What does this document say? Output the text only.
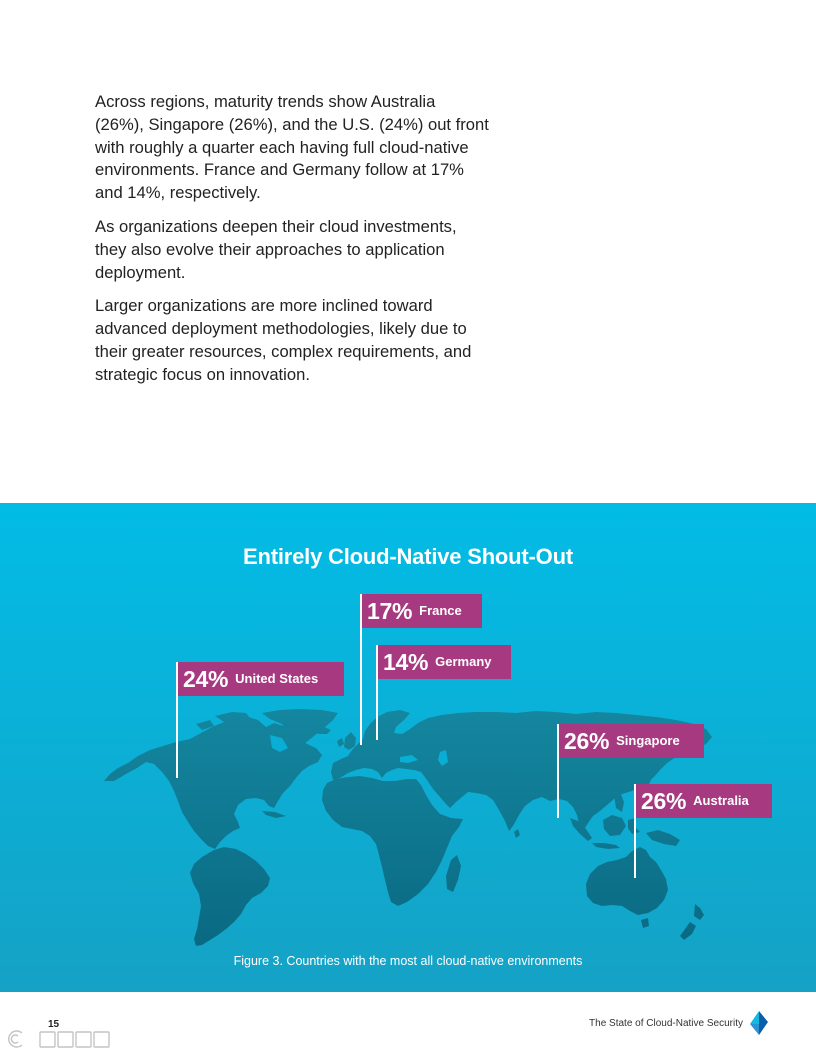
Across regions, maturity trends show Australia
(26%), Singapore (26%), and the U.S. (24%) out front
with roughly a quarter each having full cloud-native
environments. France and Germany follow at 17%
and 14%, respectively.

As organizations deepen their cloud investments,
they also evolve their approaches to application
deployment.

Larger organizations are more inclined toward
advanced deployment methodologies, likely due to
their greater resources, complex requirements, and
strategic focus on innovation.

Entirely Cloud-Native Shout-Out
24% United States
17% France
14% Germany
26% Singapore
26% Australia

Figure 3. Countries with the most all cloud-native environments

15	The State of Cloud-Native Security
